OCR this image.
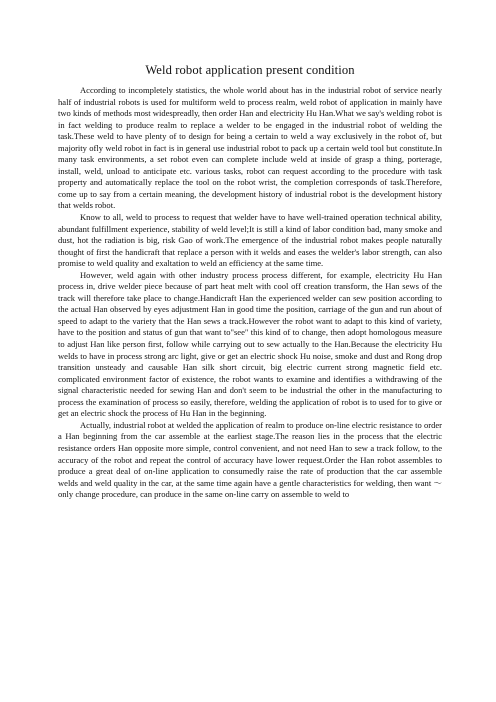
Weld robot application present condition

According to incompletely statistics, the whole world about has in the industrial robot of service nearly half of industrial robots is used for multiform weld to process realm, weld robot of application in mainly have two kinds of methods most widespreadly, then order Han and electricity Hu Han.What we say's welding robot is in fact welding to produce realm to replace a welder to be engaged in the industrial robot of welding the task.These weld to have plenty of to design for being a certain to weld a way exclusively in the robot of, but majority ofly weld robot in fact is in general use industrial robot to pack up a certain weld tool but constitute.In many task environments, a set robot even can complete include weld at inside of grasp a thing, porterage, install, weld, unload to anticipate etc. various tasks, robot can request according to the procedure with task property and automatically replace the tool on the robot wrist, the completion corresponds of task.Therefore, come up to say from a certain meaning, the development history of industrial robot is the development history that welds robot.

Know to all, weld to process to request that welder have to have well-trained operation technical ability, abundant fulfillment experience, stability of weld level;It is still a kind of labor condition bad, many smoke and dust, hot the radiation is big, risk Gao of work.The emergence of the industrial robot makes people naturally thought of first the handicraft that replace a person with it welds and eases the welder's labor strength, can also promise to weld quality and exaltation to weld an efficiency at the same time.

However, weld again with other industry process process different, for example, electricity Hu Han process in, drive welder piece because of part heat melt with cool off creation transform, the Han sews of the track will therefore take place to change.Handicraft Han the experienced welder can sew position according to the actual Han observed by eyes adjustment Han in good time the position, carriage of the gun and run about of speed to adapt to the variety that the Han sews a track.However the robot want to adapt to this kind of variety, have to the position and status of gun that want to"see" this kind of to change, then adopt homologous measure to adjust Han like person first, follow while carrying out to sew actually to the Han.Because the electricity Hu welds to have in process strong arc light, give or get an electric shock Hu noise, smoke and dust and Rong drop transition unsteady and causable Han silk short circuit, big electric current strong magnetic field etc. complicated environment factor of existence, the robot wants to examine and identifies a withdrawing of the signal characteristic needed for sewing Han and don't seem to be industrial the other in the manufacturing to process the examination of process so easily, therefore, welding the application of robot is to used for to give or get an electric shock the process of Hu Han in the beginning.

Actually, industrial robot at welded the application of realm to produce on-line electric resistance to order a Han beginning from the car assemble at the earliest stage.The reason lies in the process that the electric resistance orders Han opposite more simple, control convenient, and not need Han to sew a track follow, to the accuracy of the robot and repeat the control of accuracy have lower request.Order the Han robot assembles to produce a great deal of on-line application to consumedly raise the rate of production that the car assemble welds and weld quality in the car, at the same time again have a gentle characteristics for welding, then want ～only change procedure, can produce in the same on-line carry on assemble to weld to
